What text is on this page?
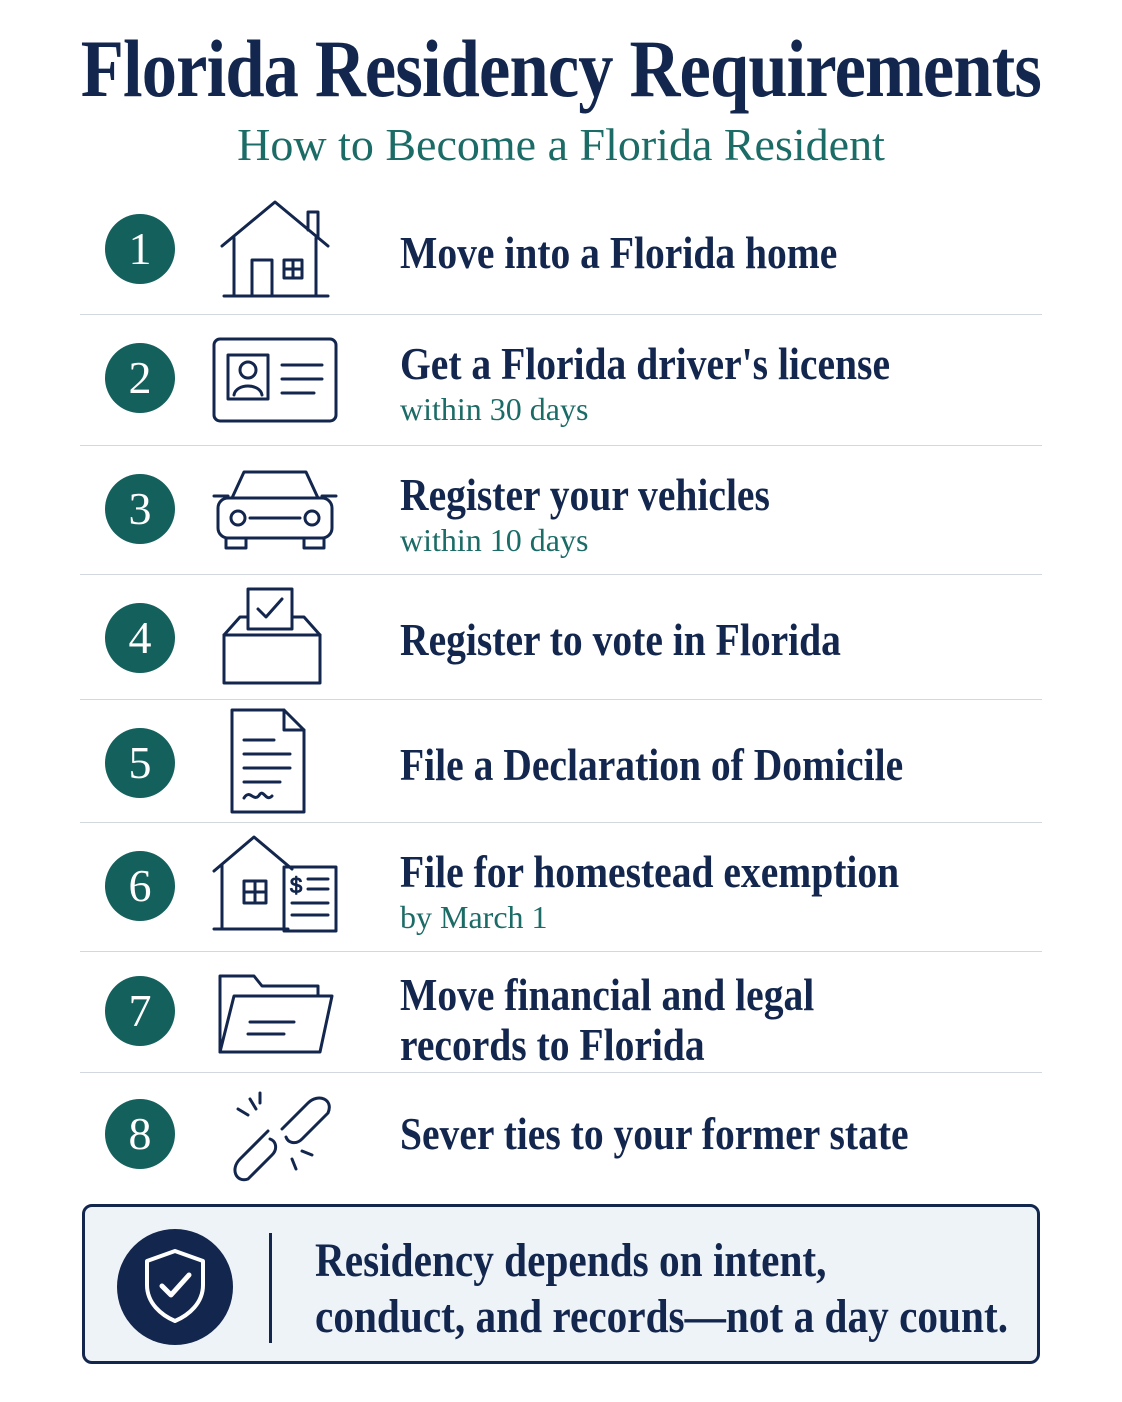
Florida Residency Requirements
How to Become a Florida Resident
1	Move into a Florida home
2	Get a Florida driver's license
within 30 days
3	Register your vehicles
within 10 days
4	Register to vote in Florida
5	File a Declaration of Domicile
6	$ File for homestead exemption
by March 1
7	Move financial and legal
records to Florida
8	Sever ties to your former state
Residency depends on intent,
conduct, and records—not a day count.
